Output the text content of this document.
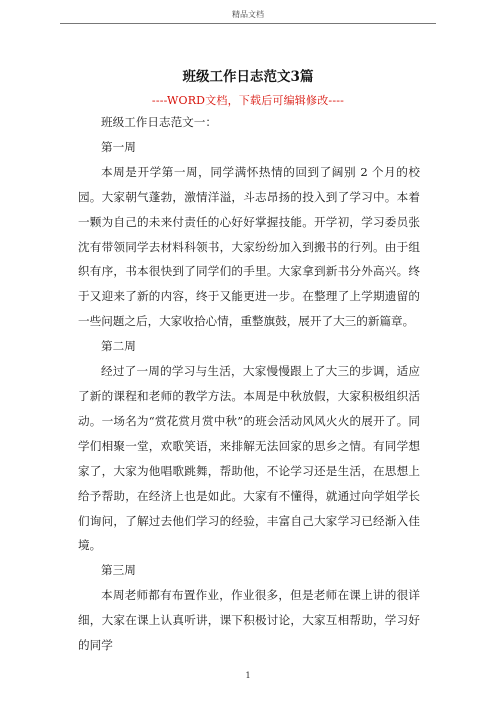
精品文档
班级工作日志范文3篇
----WORD文档，下载后可编辑修改----

班级工作日志范文一：

第一周

本周是开学第一周，同学满怀热情的回到了阔别 2 个月的校园。大家朝气蓬勃，激情洋溢，斗志昂扬的投入到了学习中。本着一颗为自己的未来付责任的心好好掌握技能。开学初，学习委员张沈有带领同学去材料科领书，大家纷纷加入到搬书的行列。由于组织有序，书本很快到了同学们的手里。大家拿到新书分外高兴。终于又迎来了新的内容，终于又能更进一步。在整理了上学期遗留的一些问题之后，大家收拾心情，重整旗鼓，展开了大三的新篇章。

第二周

经过了一周的学习与生活，大家慢慢跟上了大三的步调，适应了新的课程和老师的教学方法。本周是中秋放假，大家积极组织活动。一场名为“赏花赏月赏中秋”的班会活动风风火火的展开了。同学们相聚一堂，欢歌笑语，来排解无法回家的思乡之情。有同学想家了，大家为他唱歌跳舞，帮助他，不论学习还是生活，在思想上给予帮助，在经济上也是如此。大家有不懂得，就通过向学姐学长们询问，了解过去他们学习的经验，丰富自己大家学习已经渐入佳境。

第三周

本周老师都有布置作业，作业很多，但是老师在课上讲的很详细，大家在课上认真听讲，课下积极讨论，大家互相帮助，学习好的同学

1
